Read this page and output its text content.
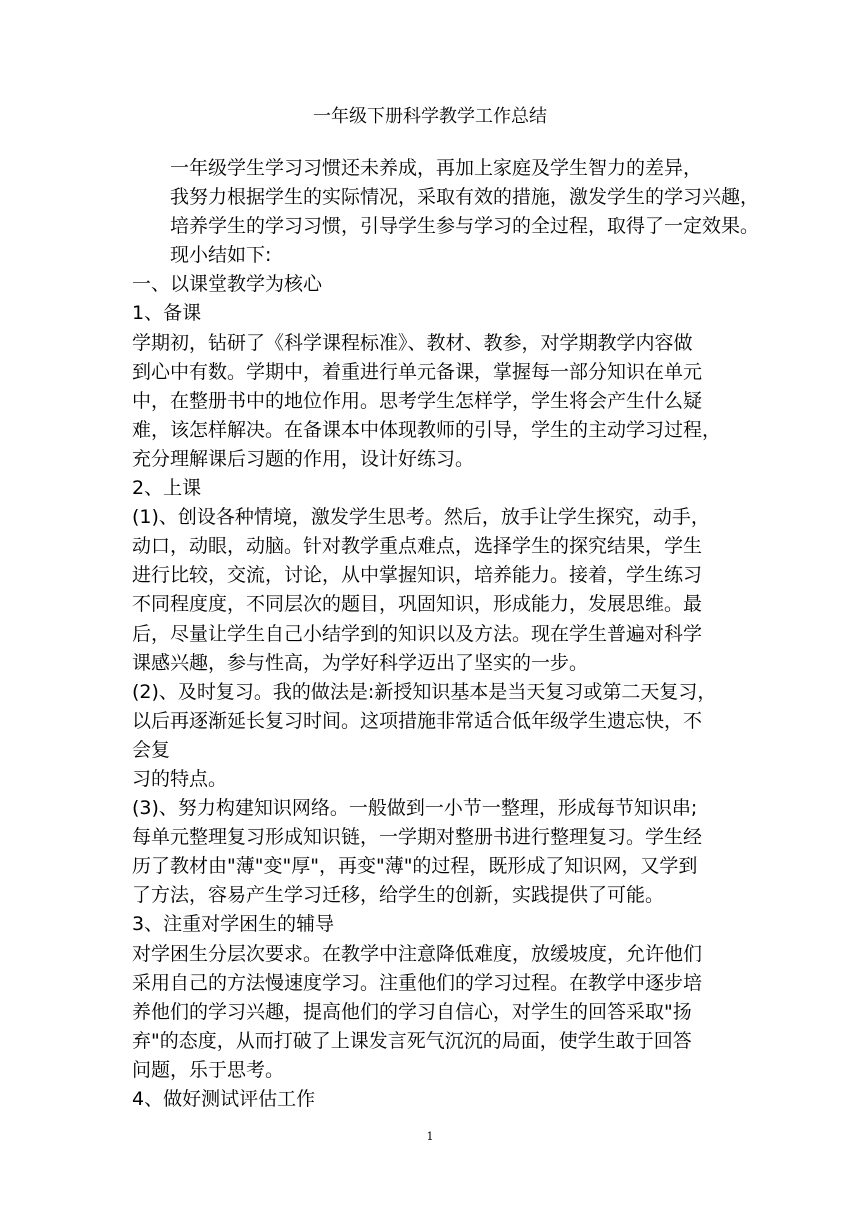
一年级下册科学教学工作总结
一年级学生学习习惯还未养成，再加上家庭及学生智力的差异，
我努力根据学生的实际情况，采取有效的措施，激发学生的学习兴趣，
培养学生的学习习惯，引导学生参与学习的全过程，取得了一定效果。
现小结如下:
一、以课堂教学为核心
1、备课
学期初，钻研了《科学课程标准》、教材、教参，对学期教学内容做
到心中有数。学期中，着重进行单元备课，掌握每一部分知识在单元
中，在整册书中的地位作用。思考学生怎样学，学生将会产生什么疑
难，该怎样解决。在备课本中体现教师的引导，学生的主动学习过程，
充分理解课后习题的作用，设计好练习。
2、上课
(1)、创设各种情境，激发学生思考。然后，放手让学生探究，动手，
动口，动眼，动脑。针对教学重点难点，选择学生的探究结果，学生
进行比较，交流，讨论，从中掌握知识，培养能力。接着，学生练习
不同程度度，不同层次的题目，巩固知识，形成能力，发展思维。最
后，尽量让学生自己小结学到的知识以及方法。现在学生普遍对科学
课感兴趣，参与性高，为学好科学迈出了坚实的一步。
(2)、及时复习。我的做法是:新授知识基本是当天复习或第二天复习，
以后再逐渐延长复习时间。这项措施非常适合低年级学生遗忘快，不
会复
习的特点。
(3)、努力构建知识网络。一般做到一小节一整理，形成每节知识串;
每单元整理复习形成知识链，一学期对整册书进行整理复习。学生经
历了教材由"薄"变"厚"，再变"薄"的过程，既形成了知识网，又学到
了方法，容易产生学习迁移，给学生的创新，实践提供了可能。
3、注重对学困生的辅导
对学困生分层次要求。在教学中注意降低难度，放缓坡度，允许他们
采用自己的方法慢速度学习。注重他们的学习过程。在教学中逐步培
养他们的学习兴趣，提高他们的学习自信心，对学生的回答采取"扬
弃"的态度，从而打破了上课发言死气沉沉的局面，使学生敢于回答
问题，乐于思考。
4、做好测试评估工作
1
